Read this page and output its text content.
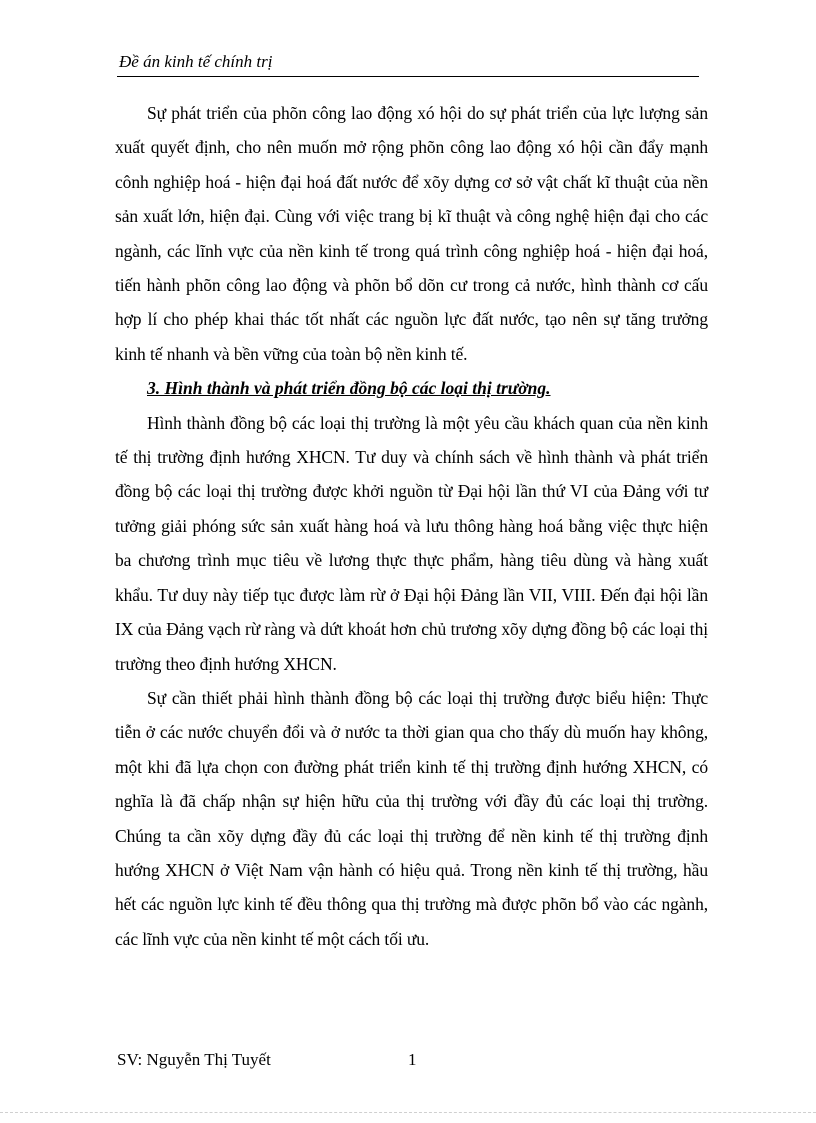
Đề án kinh tế chính trị

Sự phát triển của phõn công lao động xó hội do sự phát triển của lực lượng sản xuất quyết định, cho nên muốn mở rộng phõn công lao động xó hội cần đẩy mạnh cônh nghiệp hoá - hiện đại hoá đất nước để xõy dựng cơ sở vật chất kĩ thuật của nền sản xuất lớn, hiện đại. Cùng với việc trang bị kĩ thuật và công nghệ hiện đại cho các ngành, các lĩnh vực của nền kinh tế trong quá trình công nghiệp hoá - hiện đại hoá, tiến hành phõn công lao động và phõn bổ dõn cư trong cả nước, hình thành cơ cấu hợp lí cho phép khai thác tốt nhất các nguồn lực đất nước, tạo nên sự tăng trưởng kinh tế nhanh và bền vững của toàn bộ nền kinh tế.

3. Hình thành và phát triển đồng bộ các loại thị trường.

Hình thành đồng bộ các loại thị trường là một yêu cầu khách quan của nền kinh tế thị trường định hướng XHCN. Tư duy và chính sách về hình thành và phát triển đồng bộ các loại thị trường được khởi nguồn từ Đại hội lần thứ VI của Đảng với tư tưởng giải phóng sức sản xuất hàng hoá và lưu thông hàng hoá bằng việc thực hiện ba chương trình mục tiêu về lương thực thực phẩm, hàng tiêu dùng và hàng xuất khẩu. Tư duy này tiếp tục được làm rừ ở Đại hội Đảng lần VII, VIII. Đến đại hội lần IX của Đảng vạch rừ ràng và dứt khoát hơn chủ trương xõy dựng đồng bộ các loại thị trường theo định hướng XHCN.

Sự cần thiết phải hình thành đồng bộ các loại thị trường được biểu hiện: Thực tiễn ở các nước chuyển đổi và ở nước ta thời gian qua cho thấy dù muốn hay không, một khi đã lựa chọn con đường phát triển kinh tế thị trường định hướng XHCN, có nghĩa là đã chấp nhận sự hiện hữu của thị trường với đầy đủ các loại thị trường. Chúng ta cần xõy dựng đầy đủ các loại thị trường để nền kinh tế thị trường định hướng XHCN ở Việt Nam vận hành có hiệu quả. Trong nền kinh tế thị trường, hầu hết các nguồn lực kinh tế đều thông qua thị trường mà được phõn bổ vào các ngành, các lĩnh vực của nền kinht tế một cách tối ưu.

SV: Nguyễn Thị Tuyết	1
